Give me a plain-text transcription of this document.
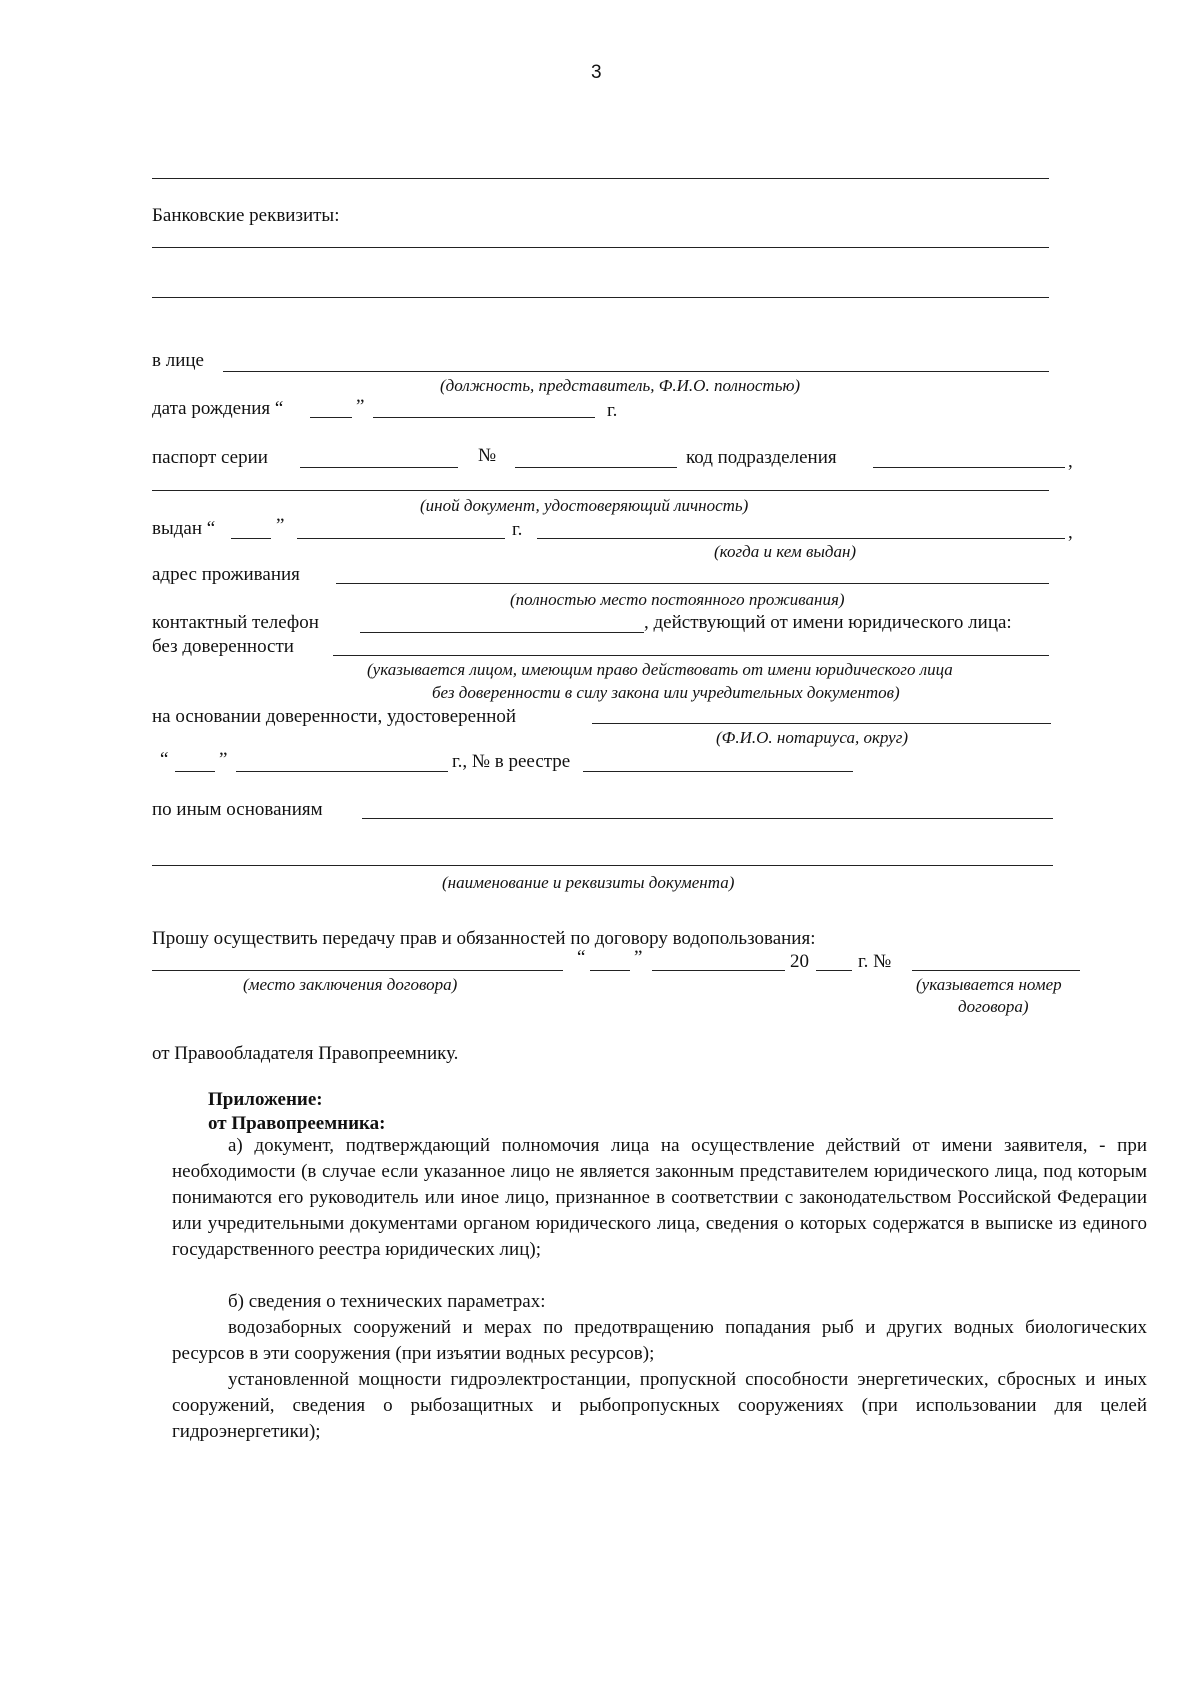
3
Банковские реквизиты:
в лице
(должность, представитель, Ф.И.О. полностью)
дата рождения “	”	г.
паспорт серии	№	код подразделения	,
(иной документ, удостоверяющий личность)
выдан “	”	г.	,
(когда и кем выдан)
адрес проживания
(полностью место постоянного проживания)
контактный телефон	, действующий от имени юридического лица:
без доверенности
(указывается лицом, имеющим право действовать от имени юридического лица
без доверенности в силу закона или учредительных документов)
на основании доверенности, удостоверенной
(Ф.И.О. нотариуса, округ)
“	”	г., № в реестре
по иным основаниям
(наименование и реквизиты документа)
Прошу осуществить передачу прав и обязанностей по договору водопользования:
“	”	20	г. №
(место заключения договора)	(указывается номер
договора)
от Правообладателя Правопреемнику.
Приложение:
от Правопреемника:
а) документ, подтверждающий полномочия лица на осуществление действий от имени заявителя, - при необходимости (в случае если указанное лицо не является законным представителем юридического лица, под которым понимаются его руководитель или иное лицо, признанное в соответствии с законодательством Российской Федерации или учредительными документами органом юридического лица, сведения о которых содержатся в выписке из единого государственного реестра юридических лиц);
б) сведения о технических параметрах:
водозаборных сооружений и мерах по предотвращению попадания рыб и других водных биологических ресурсов в эти сооружения (при изъятии водных ресурсов);
установленной мощности гидроэлектростанции, пропускной способности энергетических, сбросных и иных сооружений, сведения о рыбозащитных и рыбопропускных сооружениях (при использовании для целей гидроэнергетики);
